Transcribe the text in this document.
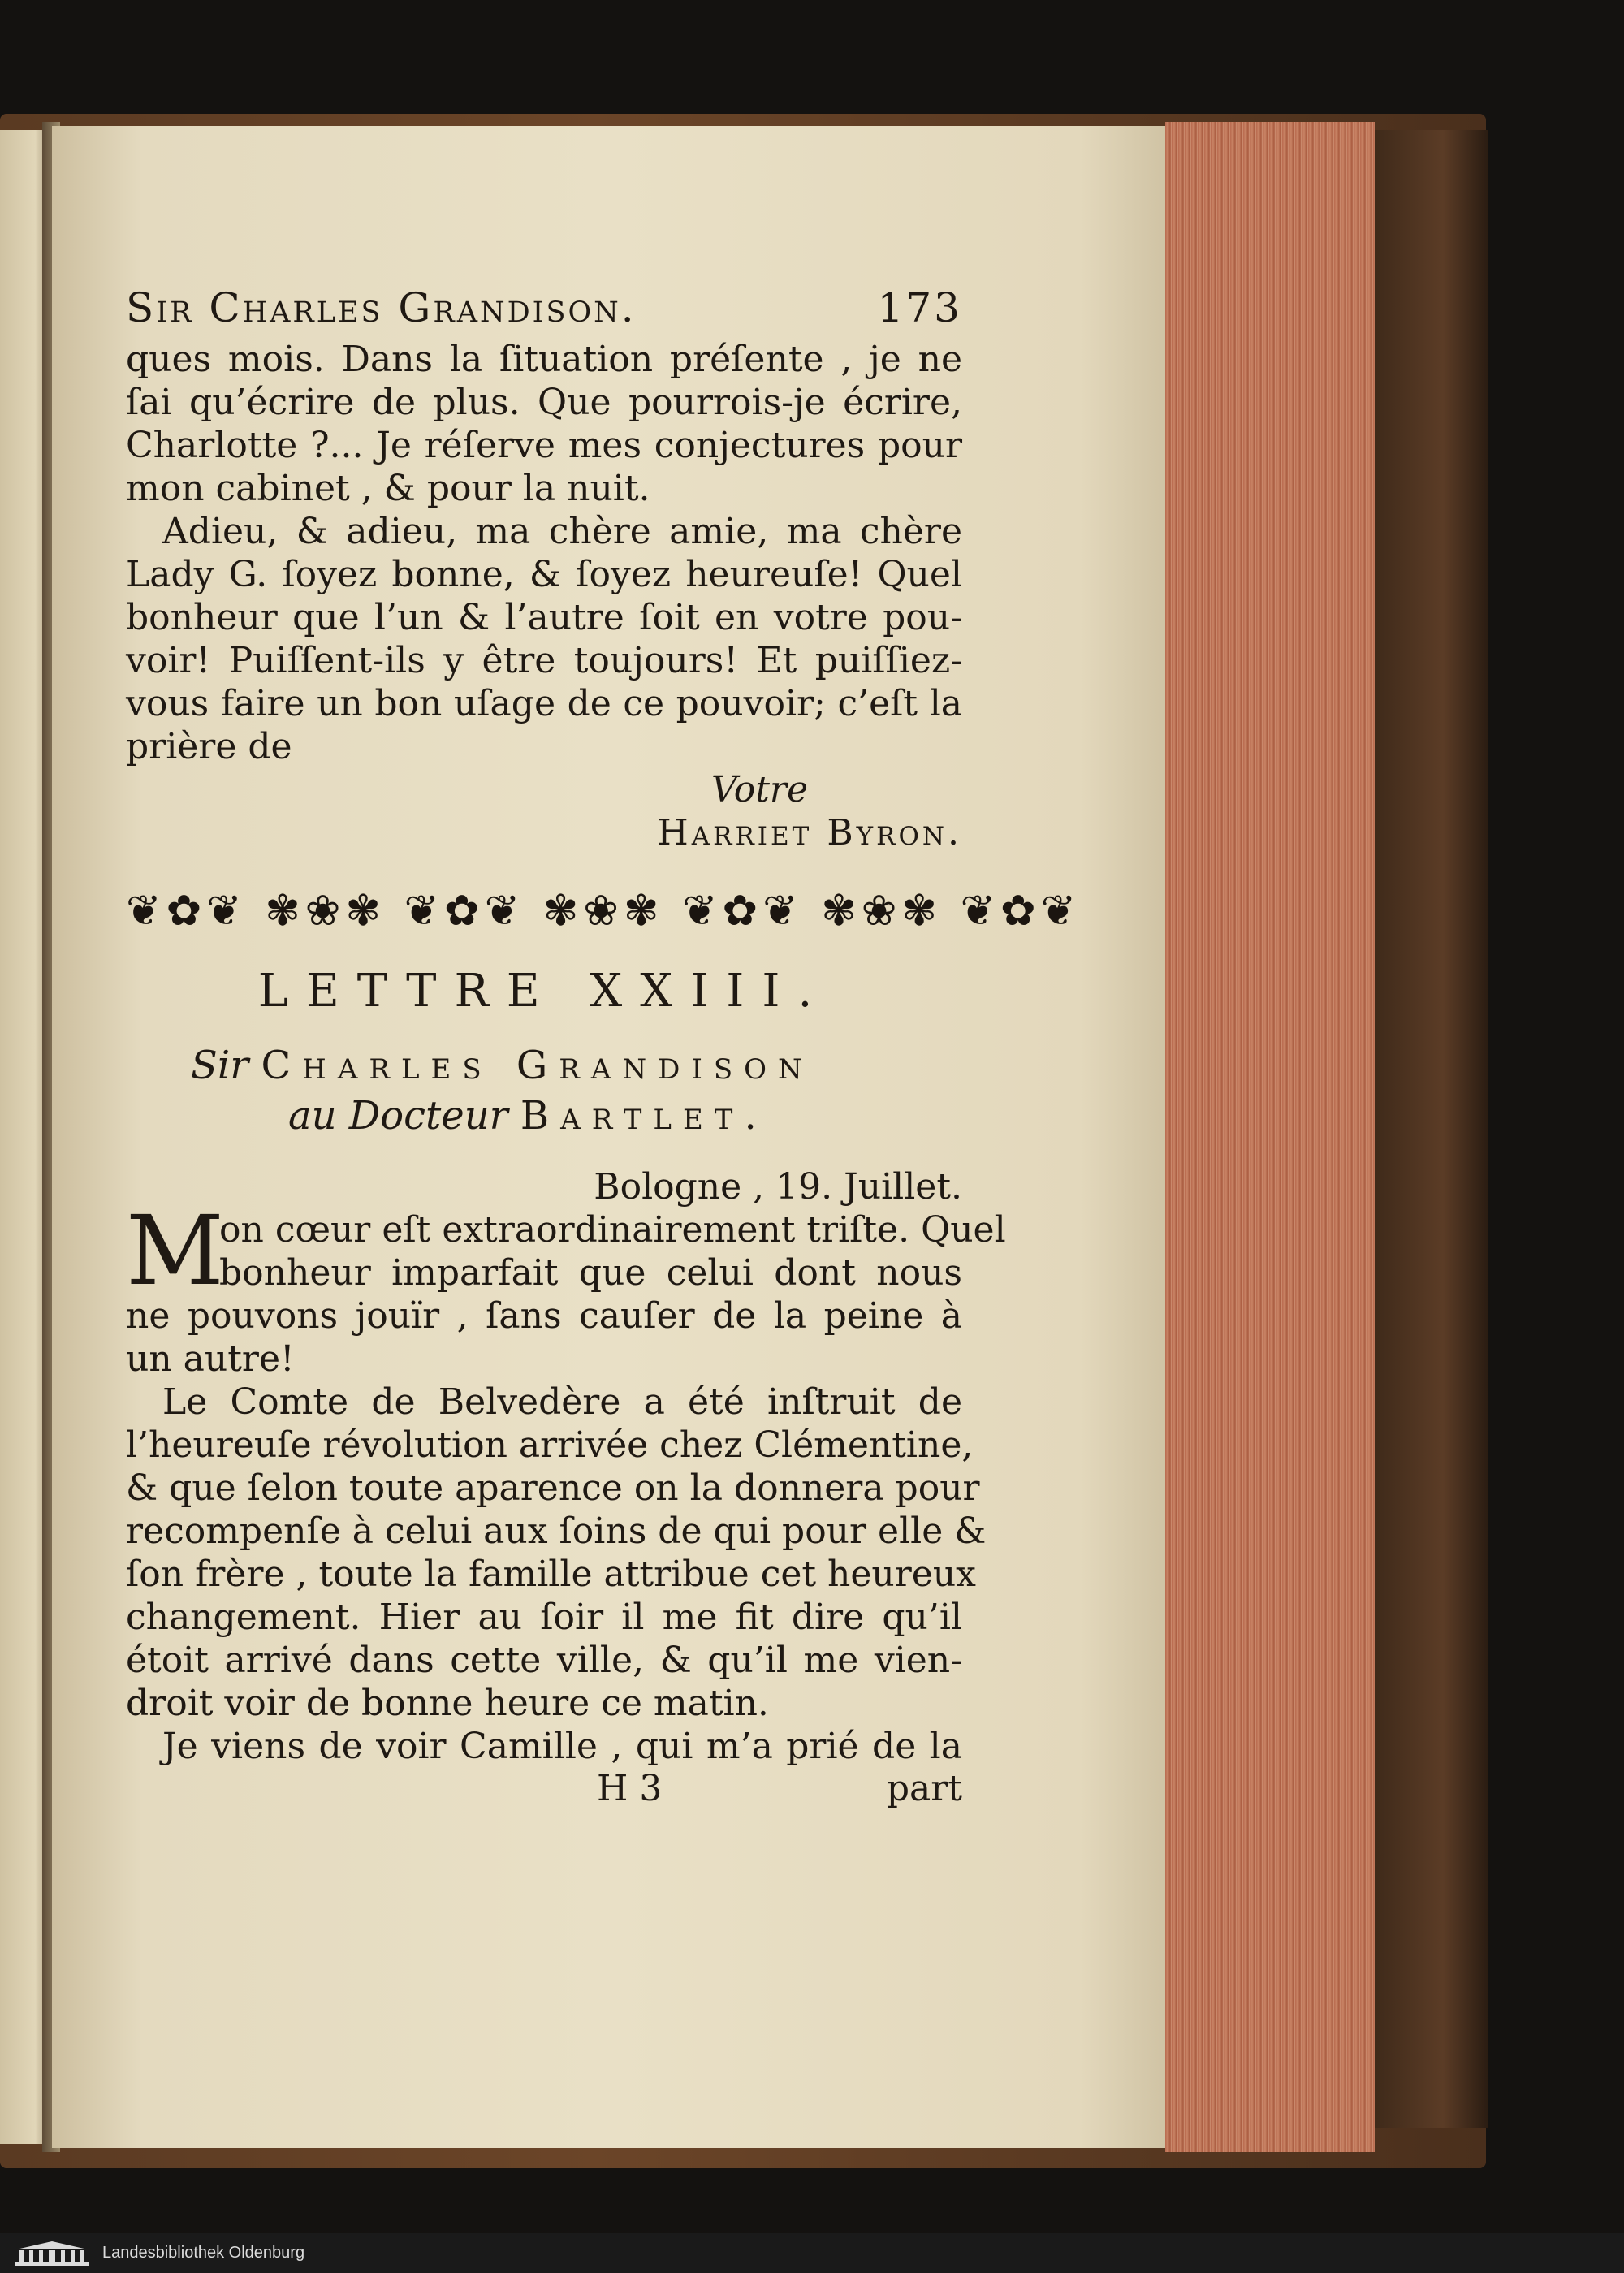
Sir Charles Grandison.	173
ques mois. Dans la ſituation préſente , je ne
ſai qu’écrire de plus. Que pourrois-je écrire,
Charlotte ?... Je réſerve mes conjectures pour
mon cabinet , & pour la nuit.
Adieu, & adieu, ma chère amie, ma chère
Lady G. ſoyez bonne, & ſoyez heureuſe! Quel
bonheur que l’un & l’autre ſoit en votre pou-
voir! Puiſſent-ils y être toujours! Et puiſſiez-
vous faire un bon uſage de ce pouvoir; c’eſt la
prière de
Votre
Harriet Byron.
❦✿❦ ✾❀✾ ❦✿❦ ✾❀✾ ❦✿❦ ✾❀✾ ❦✿❦
LETTRE XXIII.
Sir Charles Grandison
au Docteur Bartlet.
Bologne , 19. Juillet.
M
on cœur eſt extraordinairement triſte. Quel
bonheur imparfait que celui dont nous
ne pouvons jouïr , ſans cauſer de la peine à
un autre!
Le Comte de Belvedère a été inſtruit de
l’heureuſe révolution arrivée chez Clémentine,
& que ſelon toute aparence on la donnera pour
recompenſe à celui aux ſoins de qui pour elle &
ſon frère , toute la famille attribue cet heureux
changement. Hier au ſoir il me fit dire qu’il
étoit arrivé dans cette ville, & qu’il me vien-
droit voir de bonne heure ce matin.
Je viens de voir Camille , qui m’a prié de la
H 3	part
Landesbibliothek Oldenburg
